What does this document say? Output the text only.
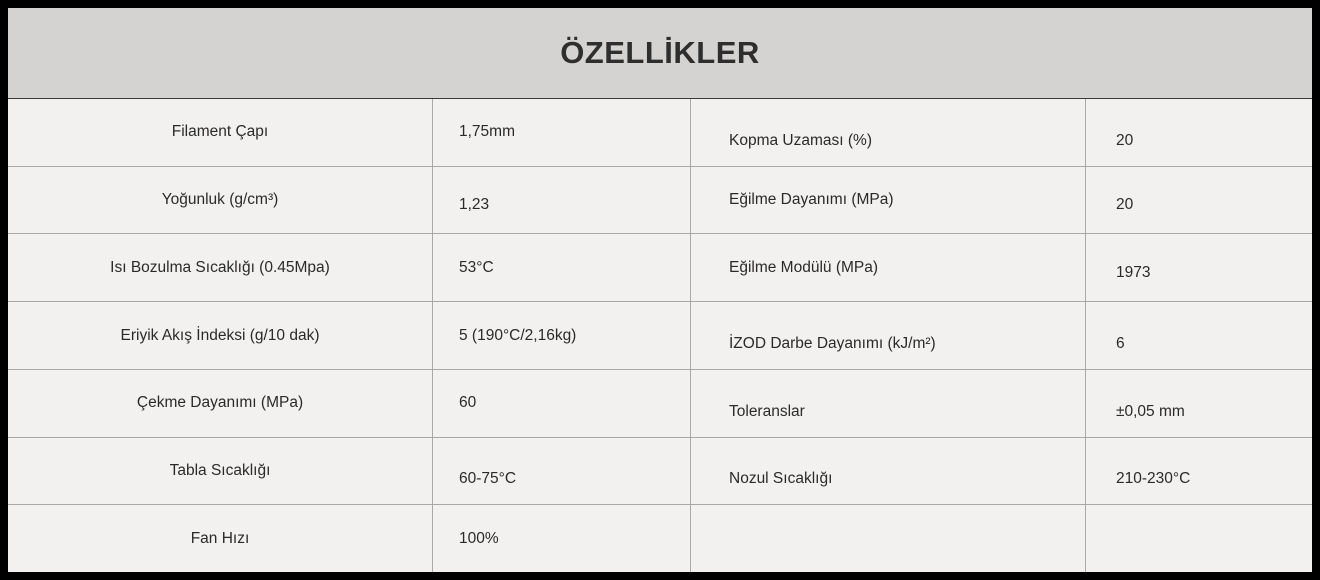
ÖZELLİKLER
Filament Çapı	1,75mm	Kopma Uzaması (%)	20
Yoğunluk (g/cm³)	1,23	Eğilme Dayanımı (MPa)	20
Isı Bozulma Sıcaklığı (0.45Mpa)	53°C	Eğilme Modülü (MPa)	1973
Eriyik Akış İndeksi (g/10 dak)	5 (190°C/2,16kg)	İZOD Darbe Dayanımı (kJ/m²)	6
Çekme Dayanımı (MPa)	60	Toleranslar	±0,05 mm
Tabla Sıcaklığı	60-75°C	Nozul Sıcaklığı	210-230°C
Fan Hızı	100%
